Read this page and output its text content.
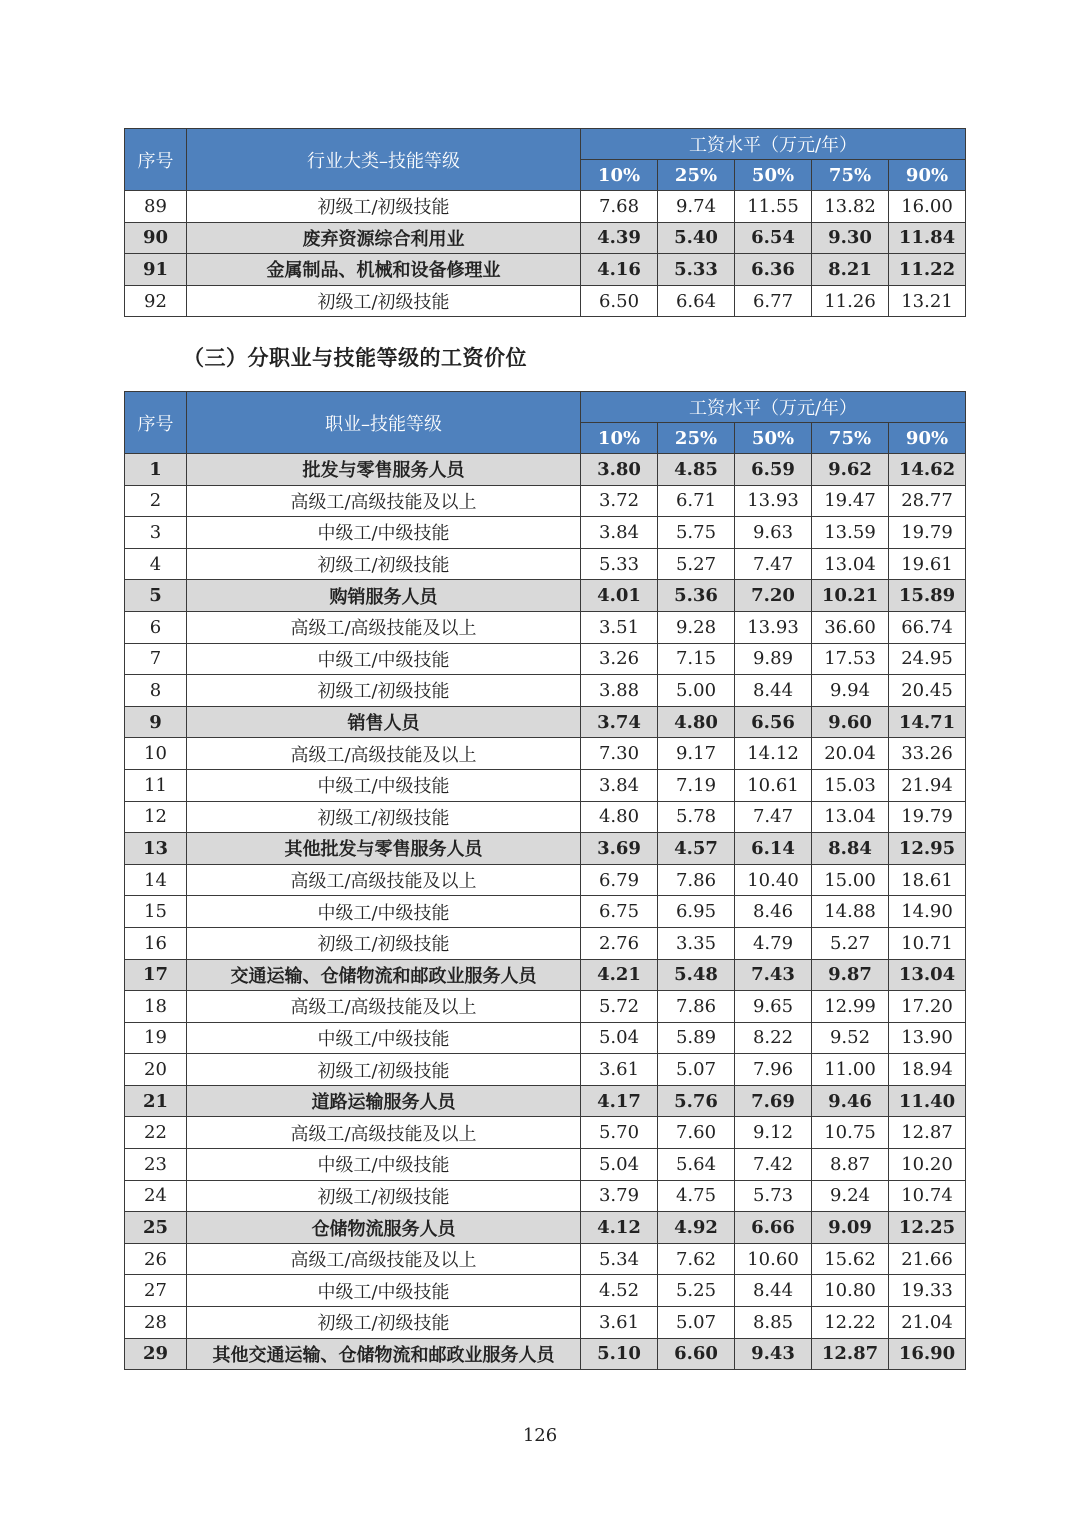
序号	行业大类–技能等级	工资水平（万元/年）				
		10%	25%	50%	75%	90%
89	初级工/初级技能	7.68	9.74	11.55	13.82	16.00
90	废弃资源综合利用业	4.39	5.40	6.54	9.30	11.84
91	金属制品、机械和设备修理业	4.16	5.33	6.36	8.21	11.22
92	初级工/初级技能	6.50	6.64	6.77	11.26	13.21
（三）分职业与技能等级的工资价位
序号	职业–技能等级	工资水平（万元/年）				
		10%	25%	50%	75%	90%
1	批发与零售服务人员	3.80	4.85	6.59	9.62	14.62
2	高级工/高级技能及以上	3.72	6.71	13.93	19.47	28.77
3	中级工/中级技能	3.84	5.75	9.63	13.59	19.79
4	初级工/初级技能	5.33	5.27	7.47	13.04	19.61
5	购销服务人员	4.01	5.36	7.20	10.21	15.89
6	高级工/高级技能及以上	3.51	9.28	13.93	36.60	66.74
7	中级工/中级技能	3.26	7.15	9.89	17.53	24.95
8	初级工/初级技能	3.88	5.00	8.44	9.94	20.45
9	销售人员	3.74	4.80	6.56	9.60	14.71
10	高级工/高级技能及以上	7.30	9.17	14.12	20.04	33.26
11	中级工/中级技能	3.84	7.19	10.61	15.03	21.94
12	初级工/初级技能	4.80	5.78	7.47	13.04	19.79
13	其他批发与零售服务人员	3.69	4.57	6.14	8.84	12.95
14	高级工/高级技能及以上	6.79	7.86	10.40	15.00	18.61
15	中级工/中级技能	6.75	6.95	8.46	14.88	14.90
16	初级工/初级技能	2.76	3.35	4.79	5.27	10.71
17	交通运输、仓储物流和邮政业服务人员	4.21	5.48	7.43	9.87	13.04
18	高级工/高级技能及以上	5.72	7.86	9.65	12.99	17.20
19	中级工/中级技能	5.04	5.89	8.22	9.52	13.90
20	初级工/初级技能	3.61	5.07	7.96	11.00	18.94
21	道路运输服务人员	4.17	5.76	7.69	9.46	11.40
22	高级工/高级技能及以上	5.70	7.60	9.12	10.75	12.87
23	中级工/中级技能	5.04	5.64	7.42	8.87	10.20
24	初级工/初级技能	3.79	4.75	5.73	9.24	10.74
25	仓储物流服务人员	4.12	4.92	6.66	9.09	12.25
26	高级工/高级技能及以上	5.34	7.62	10.60	15.62	21.66
27	中级工/中级技能	4.52	5.25	8.44	10.80	19.33
28	初级工/初级技能	3.61	5.07	8.85	12.22	21.04
29	其他交通运输、仓储物流和邮政业服务人员	5.10	6.60	9.43	12.87	16.90
126
